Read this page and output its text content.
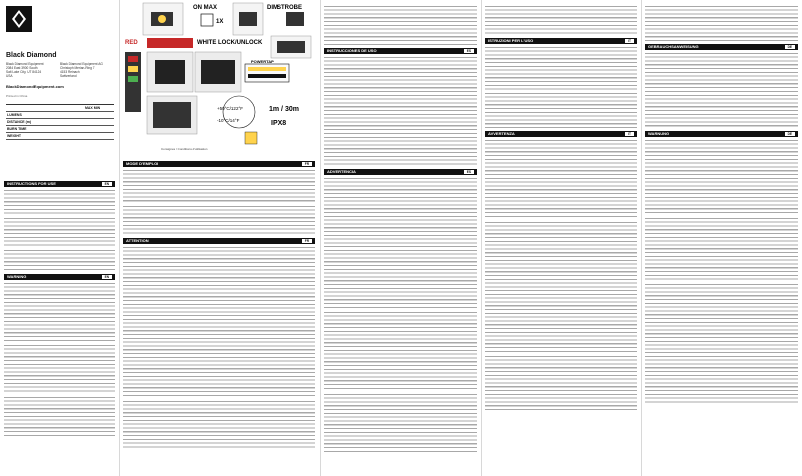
Black Diamond
Black Diamond Equipment
2084 East 3900 South
Salt Lake City, UT 84124
USA
Black Diamond Equipment AG
Christoph Merian-Ring 7
4153 Reinach
Switzerland
BlackDiamondEquipment.com
Printed in China
	MAX MIN		
LUMENS			
DISTANCE (m)			
BURN TIME			
WEIGHT			
INSTRUCTIONS FOR USE	EN
WARNING	EN
ON MAX
1X
DIM STROBE
RED	WHITE LOCK/UNLOCK
POWERTAP
+50°C/122°F
-10°C/14°F
1m / 30m
IPX8
Consignes / Conditions d'utilisation
MODE D'EMPLOI	FR
ATTENTION	FR
INSTRUCCIONES DE USO	ES
ADVERTENCIA	ES
ISTRUZIONI PER L'USO	IT
AVVERTENZA	IT
GEBRAUCHSANWEISUNG	DE
WARNUNG	DE
